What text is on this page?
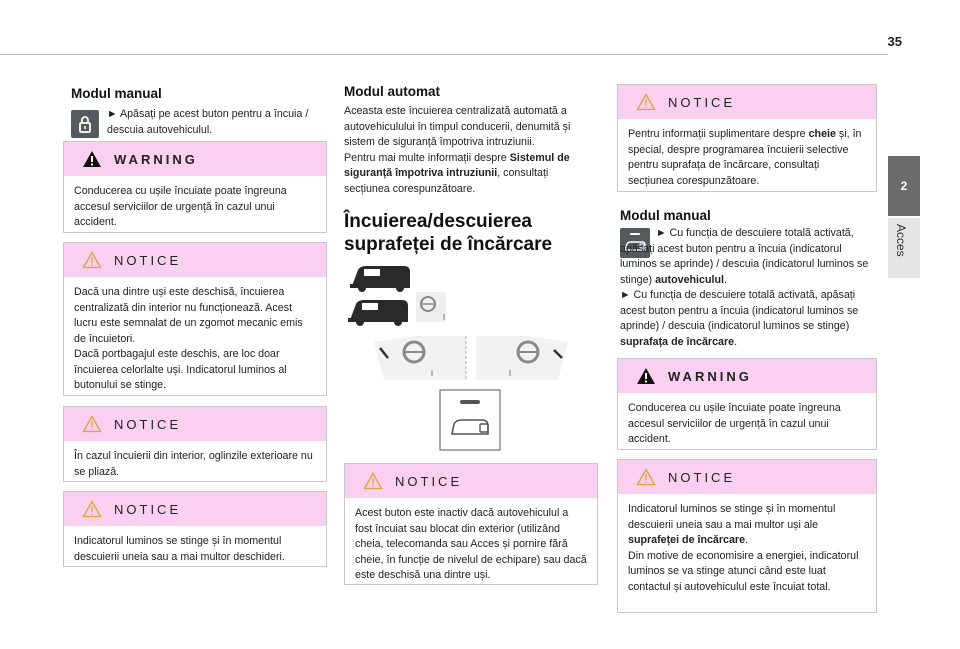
35
2
Acces
Modul manual

► Apăsați pe acest buton pentru a încuia / descuia autovehiculul.

WARNING

Conducerea cu ușile încuiate poate îngreuna accesul serviciilor de urgență în cazul unui accident.

NOTICE

Dacă una dintre uși este deschisă, încuierea centralizată din interior nu funcționează. Acest lucru este semnalat de un zgomot mecanic emis de încuietori.
Dacă portbagajul este deschis, are loc doar încuierea celorlalte uși. Indicatorul luminos al butonului se stinge.

NOTICE

În cazul încuierii din interior, oglinzile exterioare nu se pliază.

NOTICE

Indicatorul luminos se stinge și în momentul descuierii uneia sau a mai multor deschideri.

Modul automat

Aceasta este încuierea centralizată automată a autovehiculului în timpul conducerii, denumită și sistem de siguranță împotriva intruziunii.
Pentru mai multe informații despre Sistemul de siguranță împotriva intruziunii, consultați secțiunea corespunzătoare.

Încuierea/descuierea
suprafeței de încărcare
NOTICE

Acest buton este inactiv dacă autovehiculul a fost încuiat sau blocat din exterior (utilizând cheia, telecomanda sau Acces și pornire fără cheie, în funcție de nivelul de echipare) sau dacă este deschisă una dintre uși.

NOTICE

Pentru informații suplimentare despre cheie și, în special, despre programarea încuierii selective pentru suprafața de încărcare, consultați secțiunea corespunzătoare.

Modul manual

► Cu funcția de descuiere totală activată, apăsați acest buton pentru a încuia (indicatorul luminos se aprinde) / descuia (indicatorul luminos se stinge) autovehiculul.
► Cu funcția de descuiere totală activată, apăsați acest buton pentru a încuia (indicatorul luminos se aprinde) / descuia (indicatorul luminos se stinge) suprafața de încărcare.

WARNING

Conducerea cu ușile încuiate poate îngreuna accesul serviciilor de urgență în cazul unui accident.

NOTICE

Indicatorul luminos se stinge și în momentul descuierii uneia sau a mai multor uși ale suprafeței de încărcare.
Din motive de economisire a energiei, indicatorul luminos se va stinge atunci când este luat contactul și autovehiculul este încuiat total.
